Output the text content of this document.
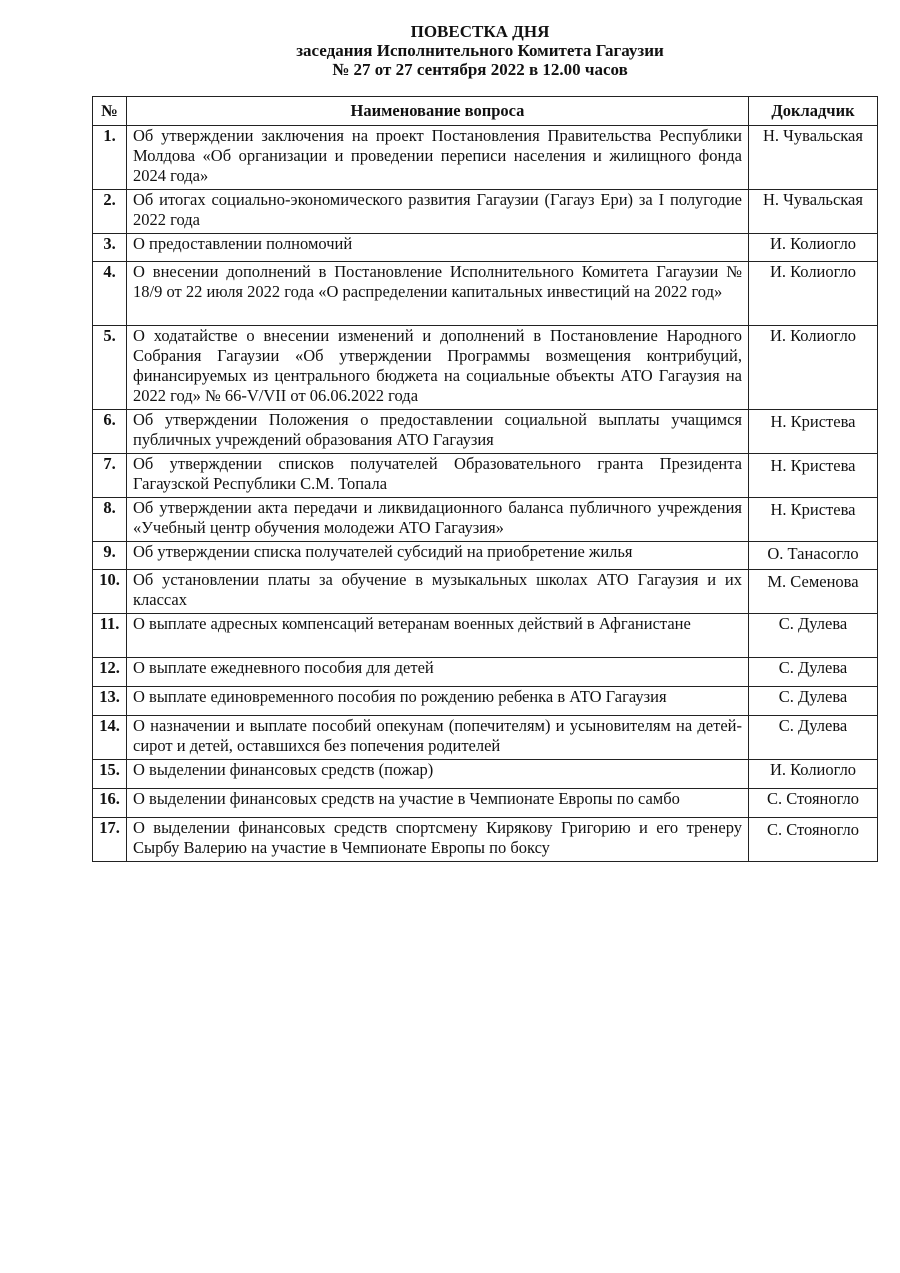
ПОВЕСТКА ДНЯ
заседания Исполнительного Комитета Гагаузии
№ 27 от 27 сентября 2022 в 12.00 часов
№	Наименование вопроса	Докладчик
1.	Об утверждении заключения на проект Постановления Правительства Республики Молдова «Об организации и проведении переписи населения и жилищного фонда 2024 года»	Н. Чувальская
2.	Об итогах социально-экономического развития Гагаузии (Гагауз Ери) за I полугодие 2022 года	Н. Чувальская
3.	О предоставлении полномочий	И. Колиогло
4.	О внесении дополнений в Постановление Исполнительного Комитета Гагаузии № 18/9 от 22 июля 2022 года «О распределении капитальных инвестиций на 2022 год»	И. Колиогло
5.	О ходатайстве о внесении изменений и дополнений в Постановление Народного Собрания Гагаузии «Об утверждении Программы возмещения контрибуций, финансируемых из центрального бюджета на социальные объекты АТО Гагаузия на 2022 год» № 66-V/VII от 06.06.2022 года	И. Колиогло
6.	Об утверждении Положения о предоставлении социальной выплаты учащимся публичных учреждений образования АТО Гагаузия	Н. Кристева
7.	Об утверждении списков получателей Образовательного гранта Президента Гагаузской Республики С.М. Топала	Н. Кристева
8.	Об утверждении акта передачи и ликвидационного баланса публичного учреждения «Учебный центр обучения молодежи АТО Гагаузия»	Н. Кристева
9.	Об утверждении списка получателей субсидий на приобретение жилья	О. Танасогло
10.	Об установлении платы за обучение в музыкальных школах АТО Гагаузия и их классах	М. Семенова
11.	О выплате адресных компенсаций ветеранам военных действий в Афганистане	С. Дулева
12.	О выплате ежедневного пособия для детей	С. Дулева
13.	О выплате единовременного пособия по рождению ребенка в АТО Гагаузия	С. Дулева
14.	О назначении и выплате пособий опекунам (попечителям) и усыновителям на детей-сирот и детей, оставшихся без попечения родителей	С. Дулева
15.	О выделении финансовых средств (пожар)	И. Колиогло
16.	О выделении финансовых средств на участие в Чемпионате Европы по самбо	С. Стояногло
17.	О выделении финансовых средств спортсмену Кирякову Григорию и его тренеру Сырбу Валерию на участие в Чемпионате Европы по боксу	С. Стояногло
